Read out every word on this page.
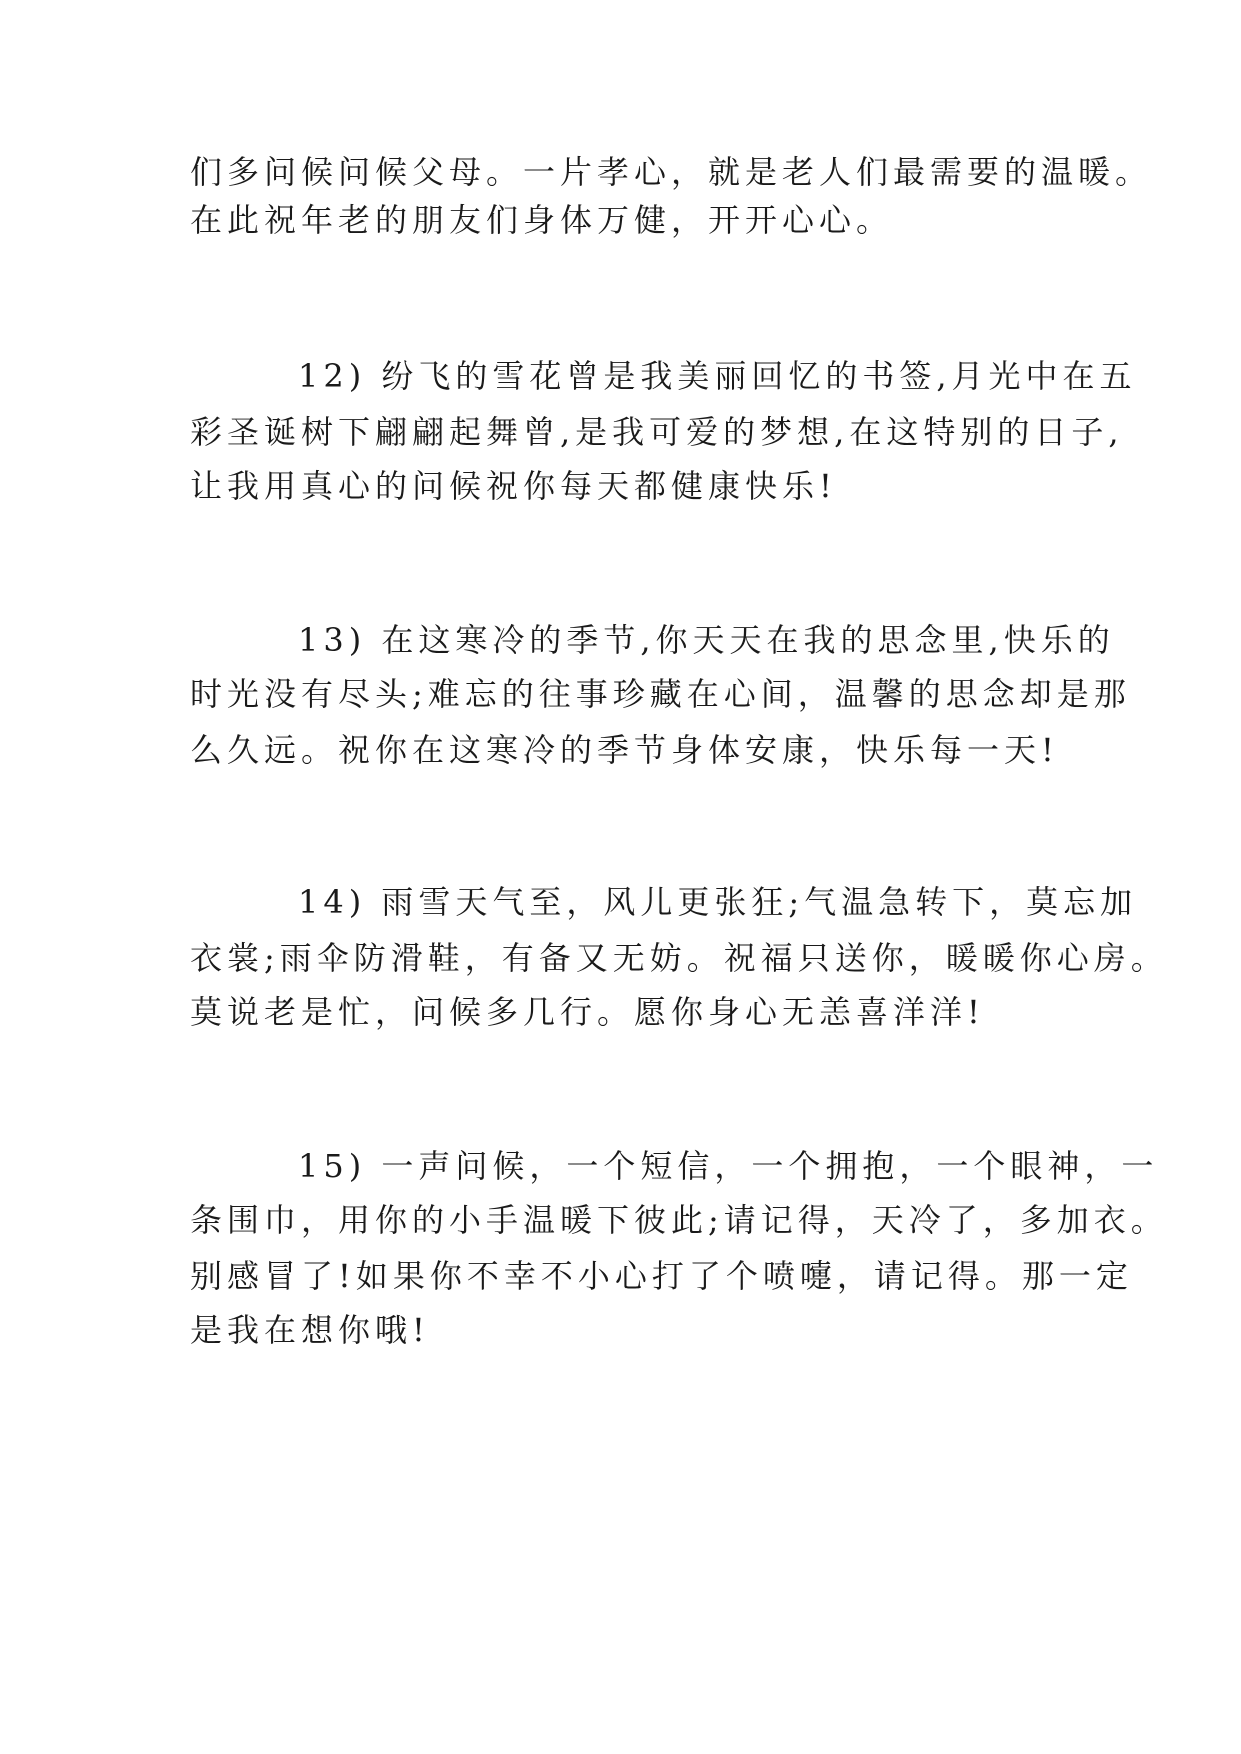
们多问候问候父母。一片孝心，就是老人们最需要的温暖。
在此祝年老的朋友们身体万健，开开心心。
12) 纷飞的雪花曾是我美丽回忆的书签,月光中在五
彩圣诞树下翩翩起舞曾,是我可爱的梦想,在这特别的日子,
让我用真心的问候祝你每天都健康快乐!
13) 在这寒冷的季节,你天天在我的思念里,快乐的
时光没有尽头;难忘的往事珍藏在心间，温馨的思念却是那
么久远。祝你在这寒冷的季节身体安康，快乐每一天!
14) 雨雪天气至，风儿更张狂;气温急转下，莫忘加
衣裳;雨伞防滑鞋，有备又无妨。祝福只送你，暖暖你心房。
莫说老是忙，问候多几行。愿你身心无恙喜洋洋!
15) 一声问候，一个短信，一个拥抱，一个眼神，一
条围巾，用你的小手温暖下彼此;请记得，天冷了，多加衣。
别感冒了!如果你不幸不小心打了个喷嚏，请记得。那一定
是我在想你哦!
